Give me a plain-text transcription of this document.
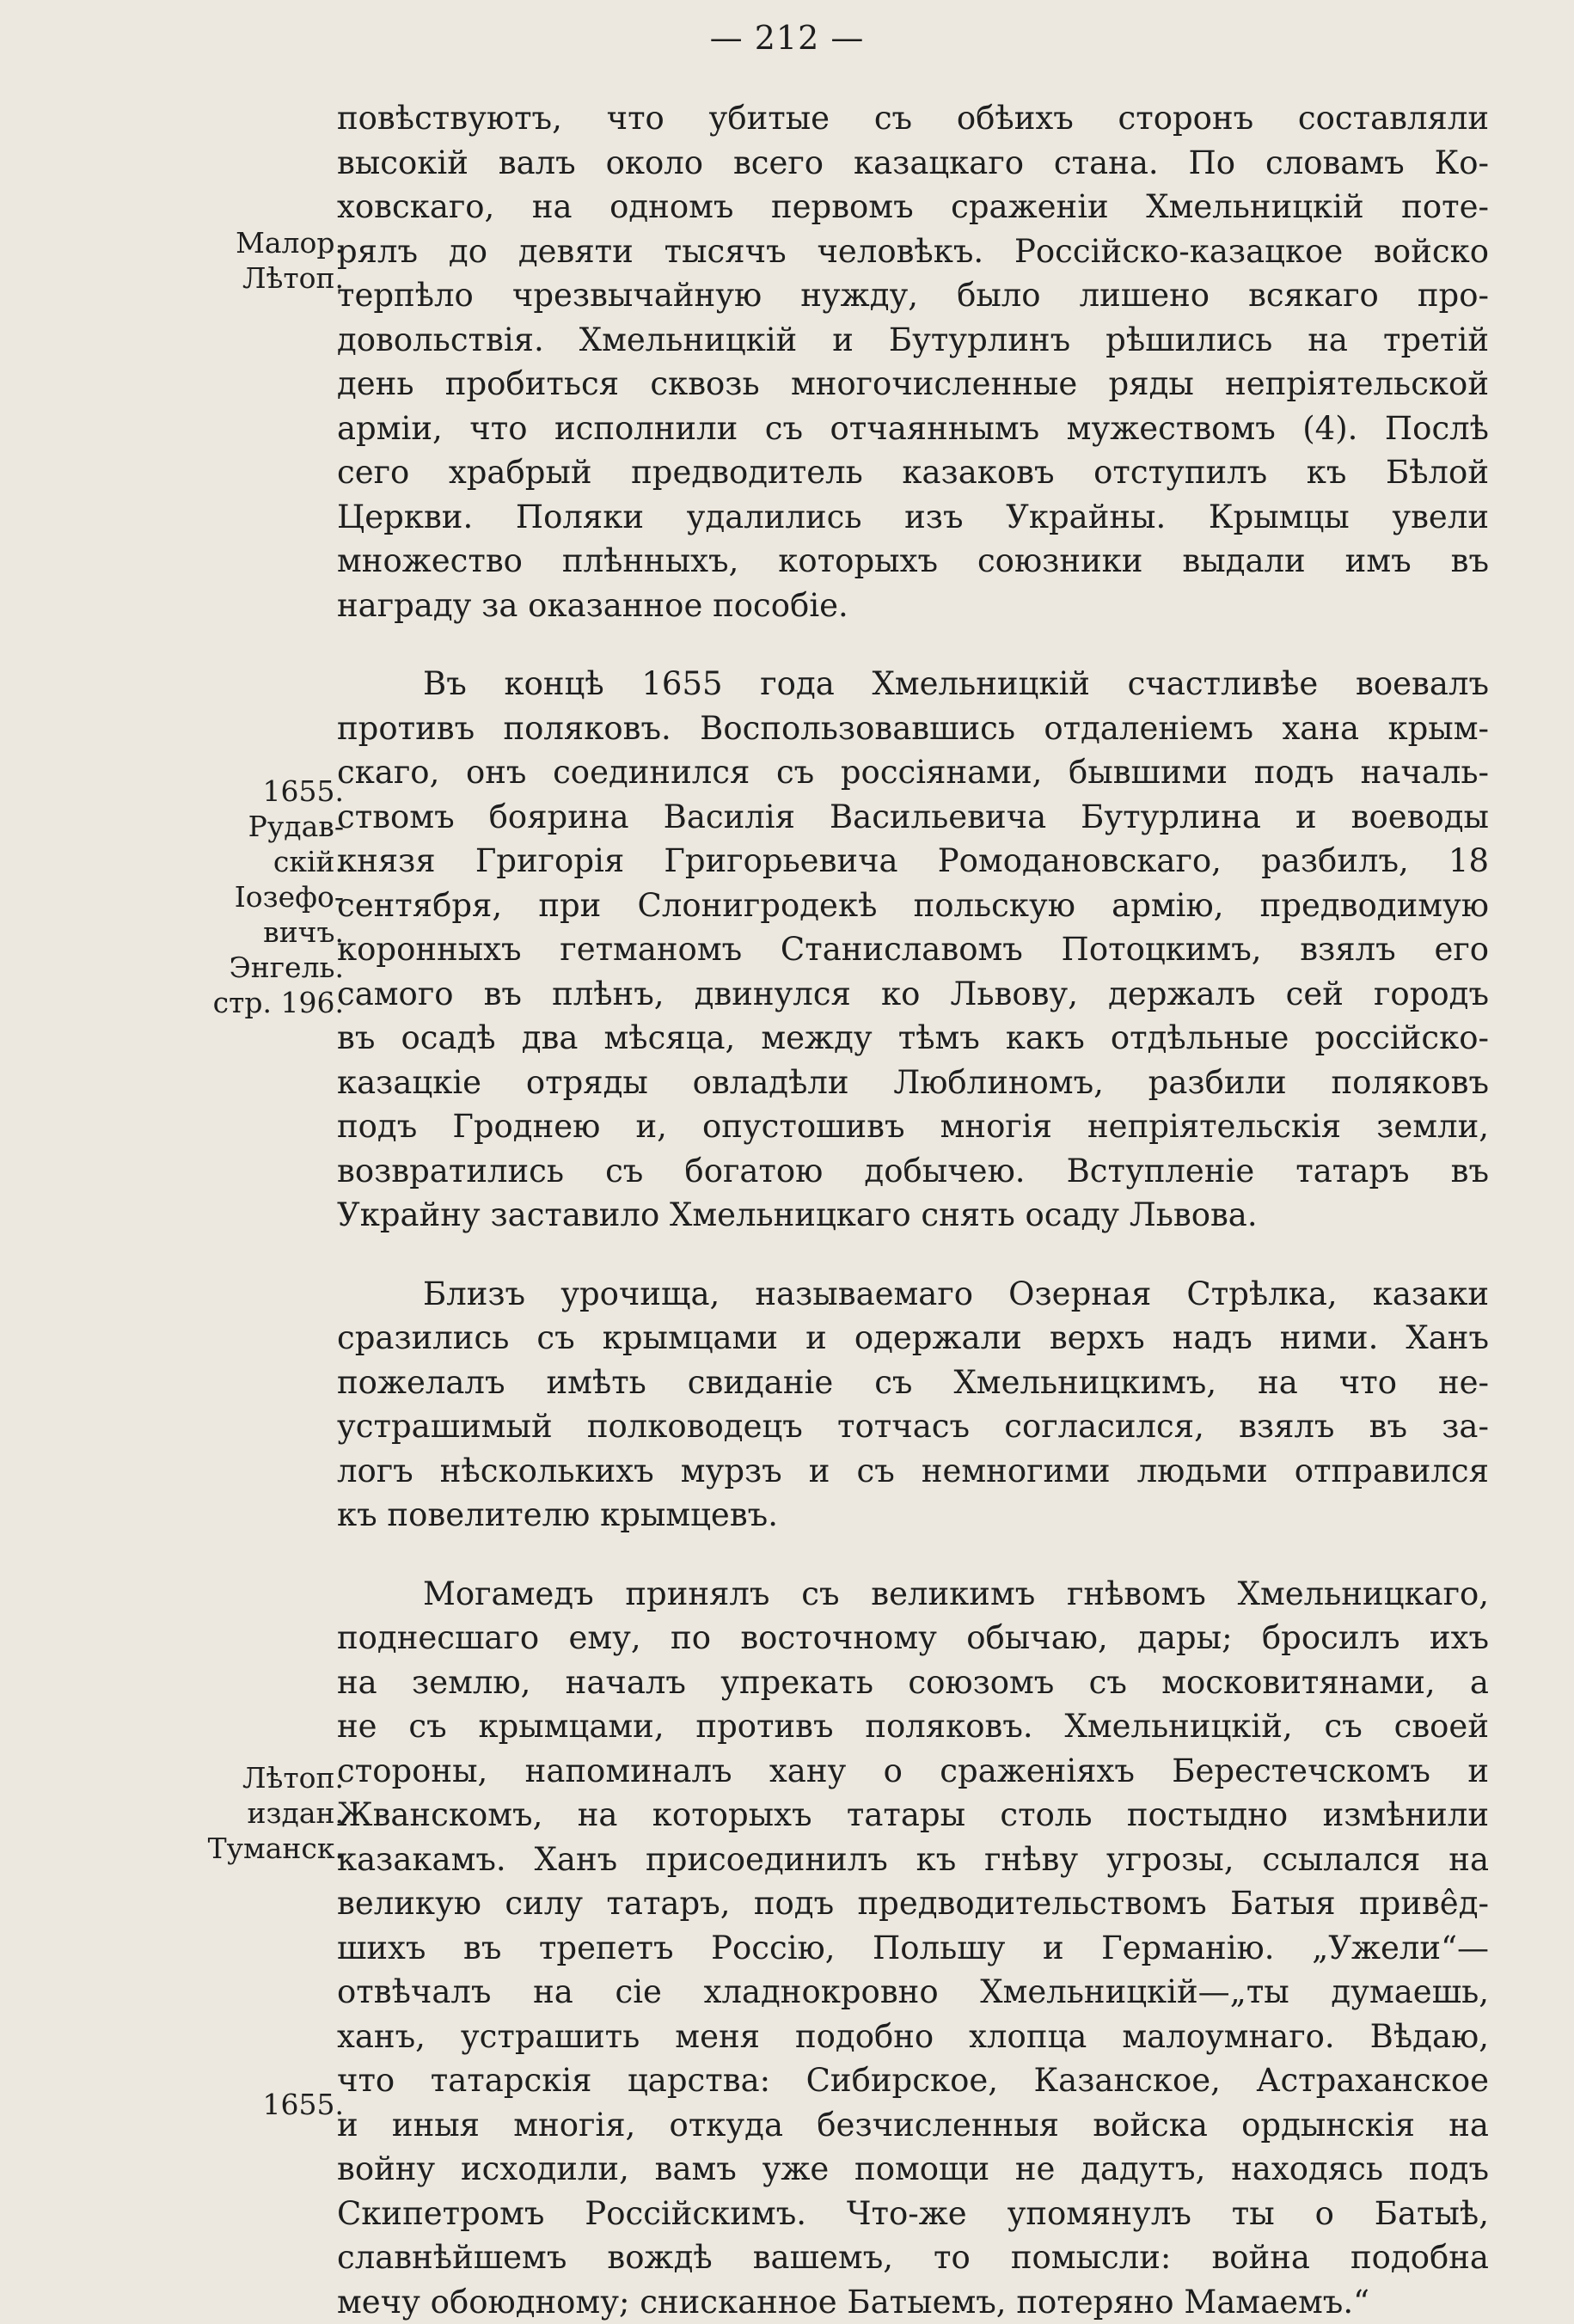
— 212 —
повѣствуютъ, что убитые съ обѣихъ сторонъ составляли
высокій валъ около всего казацкаго стана. По словамъ Ко-
ховскаго, на одномъ первомъ сраженіи Хмельницкій поте-
рялъ до девяти тысячъ человѣкъ. Россійско-казацкое войско
терпѣло чрезвычайную нужду, было лишено всякаго про-
довольствія. Хмельницкій и Бутурлинъ рѣшились на третій
день пробиться сквозь многочисленные ряды непріятельской
арміи, что исполнили съ отчаяннымъ мужествомъ (4). Послѣ
сего храбрый предводитель казаковъ отступилъ къ Бѣлой
Церкви. Поляки удалились изъ Украйны. Крымцы увели
множество плѣнныхъ, которыхъ союзники выдали имъ въ
награду за оказанное пособіе.
Въ концѣ 1655 года Хмельницкій счастливѣе воевалъ
противъ поляковъ. Воспользовавшись отдаленіемъ хана крым-
скаго, онъ соединился съ россіянами, бывшими подъ началь-
ствомъ боярина Василія Васильевича Бутурлина и воеводы
князя Григорія Григорьевича Ромодановскаго, разбилъ, 18
сентября, при Слонигродекѣ польскую армію, предводимую
коронныхъ гетманомъ Станиславомъ Потоцкимъ, взялъ его
самого въ плѣнъ, двинулся ко Львову, держалъ сей городъ
въ осадѣ два мѣсяца, между тѣмъ какъ отдѣльные россійско-
казацкіе отряды овладѣли Люблиномъ, разбили поляковъ
подъ Гроднею и, опустошивъ многія непріятельскія земли,
возвратились съ богатою добычею. Вступленіе татаръ въ
Украйну заставило Хмельницкаго снять осаду Львова.
Близъ урочища, называемаго Озерная Стрѣлка, казаки
сразились съ крымцами и одержали верхъ надъ ними. Ханъ
пожелалъ имѣть свиданіе съ Хмельницкимъ, на что не-
устрашимый полководецъ тотчасъ согласился, взялъ въ за-
логъ нѣсколькихъ мурзъ и съ немногими людьми отправился
къ повелителю крымцевъ.
Могамедъ принялъ съ великимъ гнѣвомъ Хмельницкаго,
поднесшаго ему, по восточному обычаю, дары; бросилъ ихъ
на землю, началъ упрекать союзомъ съ московитянами, а
не съ крымцами, противъ поляковъ. Хмельницкій, съ своей
стороны, напоминалъ хану о сраженіяхъ Берестечскомъ и
Жванскомъ, на которыхъ татары столь постыдно измѣнили
казакамъ. Ханъ присоединилъ къ гнѣву угрозы, ссылался на
великую силу татаръ, подъ предводительствомъ Батыя приве̂д-
шихъ въ трепетъ Россію, Польшу и Германію. „Ужели“—
отвѣчалъ на сіе хладнокровно Хмельницкій—„ты думаешь,
ханъ, устрашить меня подобно хлопца малоумнаго. Вѣдаю,
что татарскія царства: Сибирское, Казанское, Астраханское
и иныя многія, откуда безчисленныя войска ордынскія на
войну исходили, вамъ уже помощи не дадутъ, находясь подъ
Скипетромъ Россійскимъ. Что-же упомянулъ ты о Батыѣ,
славнѣйшемъ вождѣ вашемъ, то помысли: война подобна
мечу обоюдному; снисканное Батыемъ, потеряно Мамаемъ.“
Малор.
Лѣтоп.
1655.
Рудав-
скій.
Іозефо-
вичъ.
Энгель.
стр. 196.
Лѣтоп.
издан.
Туманск.
1655.
